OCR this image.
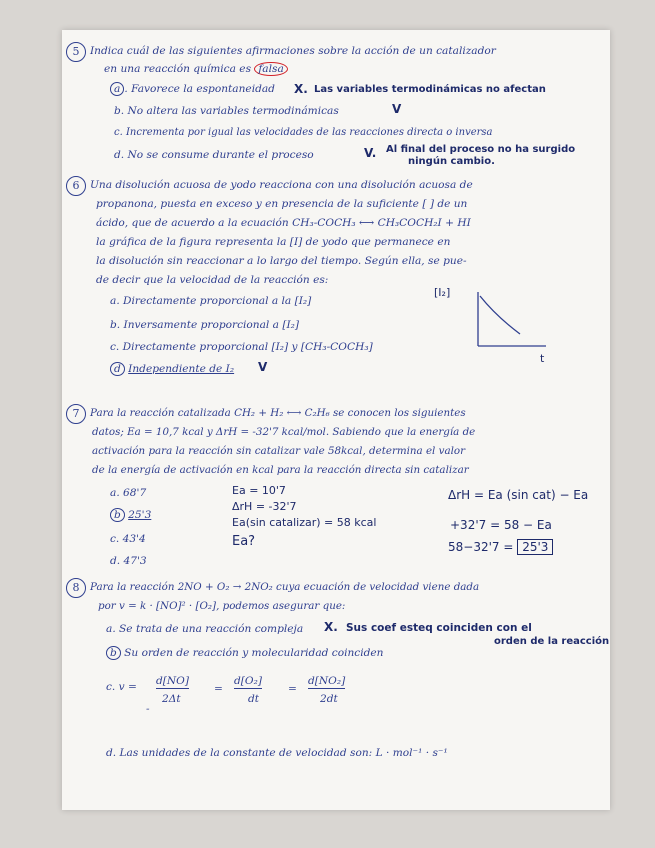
5 Indica cuál de las siguientes afirmaciones sobre la acción de un catalizador
en una reacción química es falsa
a . Favorece la espontaneidad X. Las variables termodinámicas no afectan
b. No altera las variables termodinámicas	V
c. Incrementa por igual las velocidades de las reacciones directa o inversa
d. No se consume durante el proceso	V. Al final del proceso no ha surgido
ningún cambio.
6 Una disolución acuosa de yodo reacciona con una disolución acuosa de
propanona, puesta en exceso y en presencia de la suficiente [ ] de un
ácido, que de acuerdo a la ecuación CH₃-COCH₃ ⟷ CH₃COCH₂I + HI
la gráfica de la figura representa la [I] de yodo que permanece en
la disolución sin reaccionar a lo largo del tiempo. Según ella, se pue-
de decir que la velocidad de la reacción es:
a. Directamente proporcional a la [I₂]
b. Inversamente proporcional a [I₂]
c. Directamente proporcional [I₂] y [CH₃-COCH₃]
d Independiente de I₂ V
[I₂]
t
7	Para la reacción catalizada CH₂ + H₂ ⟷ C₂H₆ se conocen los siguientes
datos; Ea = 10,7 kcal y ΔrH = -32'7 kcal/mol. Sabiendo que la energía de
activación para la reacción sin catalizar vale 58kcal, determina el valor
de la energía de activación en kcal para la reacción directa sin catalizar
a. 68'7
b 25'3
c. 43'4
d. 47'3
Ea = 10'7
ΔrH = -32'7
Ea(sin catalizar) = 58 kcal
Ea?
ΔrH = Ea (sin cat) − Ea
+32'7 = 58 − Ea
58−32'7 = 25'3
8	Para la reacción 2NO + O₂ → 2NO₂ cuya ecuación de velocidad viene dada
por v = k · [NO]² · [O₂], podemos asegurar que:
a. Se trata de una reacción compleja X. Sus coef esteq coinciden con el
orden de la reacción
b Su orden de reacción y molecularidad coinciden
c. v = d[NO]
2Δt
-
=
d[O₂]
dt
=
d[NO₂]
2dt
d. Las unidades de la constante de velocidad son: L · mol⁻¹ · s⁻¹
